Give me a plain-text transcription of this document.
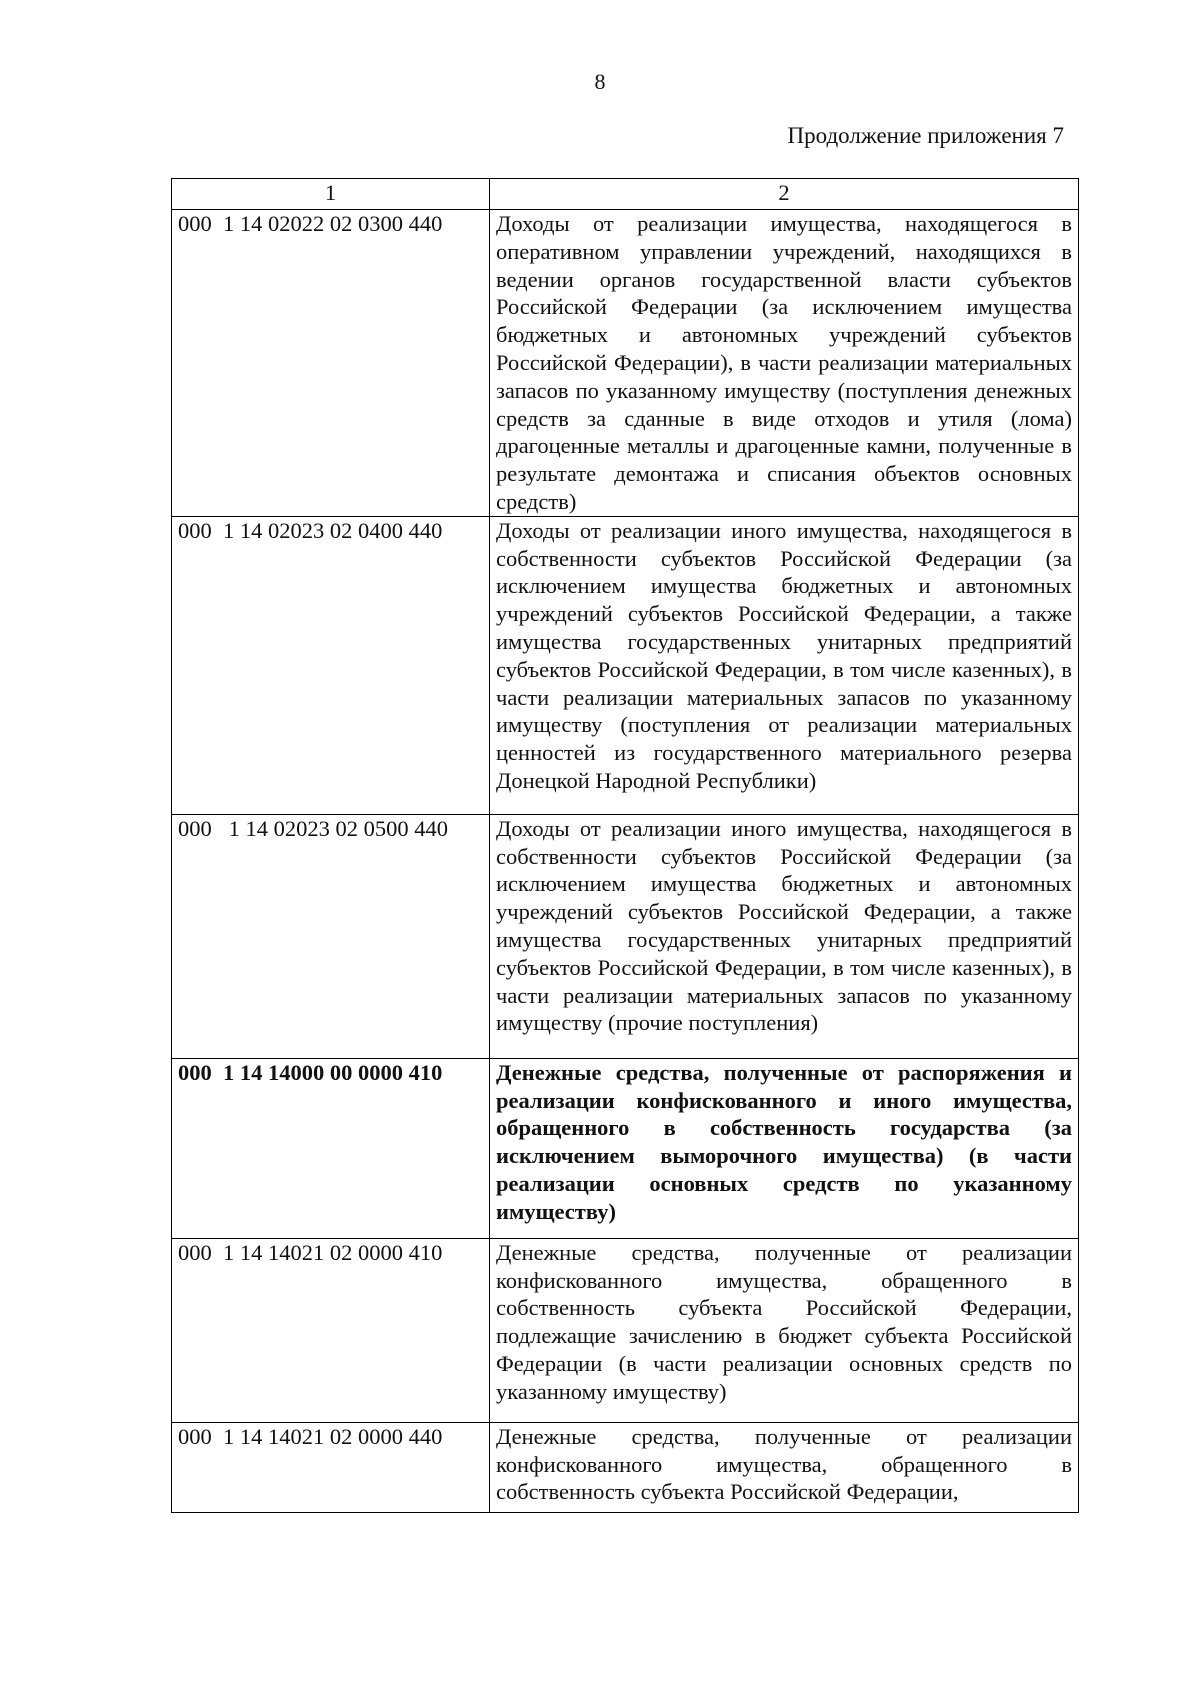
8
Продолжение приложения 7
1	2
000  1 14 02022 02 0300 440	Доходы от реализации имущества, находящегося в оперативном управлении учреждений, находящихся в ведении органов государственной власти субъектов Российской Федерации (за исключением имущества бюджетных и автономных учреждений субъектов Российской Федерации), в части реализации материальных запасов по указанному имуществу (поступления денежных средств за сданные в виде отходов и утиля (лома) драгоценные металлы и драгоценные камни, полученные в результате демонтажа и списания объектов основных средств)
000  1 14 02023 02 0400 440	Доходы от реализации иного имущества, находящегося в собственности субъектов Российской Федерации (за исключением имущества бюджетных и автономных учреждений субъектов Российской Федерации, а также имущества государственных унитарных предприятий субъектов Российской Федерации, в том числе казенных), в части реализации материальных запасов по указанному имуществу (поступления от реализации материальных ценностей из государственного материального резерва Донецкой Народной Республики)
000   1 14 02023 02 0500 440	Доходы от реализации иного имущества, находящегося в собственности субъектов Российской Федерации (за исключением имущества бюджетных и автономных учреждений субъектов Российской Федерации, а также имущества государственных унитарных предприятий субъектов Российской Федерации, в том числе казенных), в части реализации материальных запасов по указанному имуществу (прочие поступления)
000  1 14 14000 00 0000 410	Денежные средства, полученные от распоряжения и реализации конфискованного и иного имущества, обращенного в собственность государства (за исключением выморочного имущества) (в части реализации основных средств по указанному имуществу)
000  1 14 14021 02 0000 410	Денежные средства, полученные от реализации конфискованного имущества, обращенного в собственность субъекта Российской Федерации, подлежащие зачислению в бюджет субъекта Российской Федерации (в части реализации основных средств по указанному имуществу)
000  1 14 14021 02 0000 440	Денежные средства, полученные от реализации конфискованного имущества, обращенного в собственность субъекта Российской Федерации,
